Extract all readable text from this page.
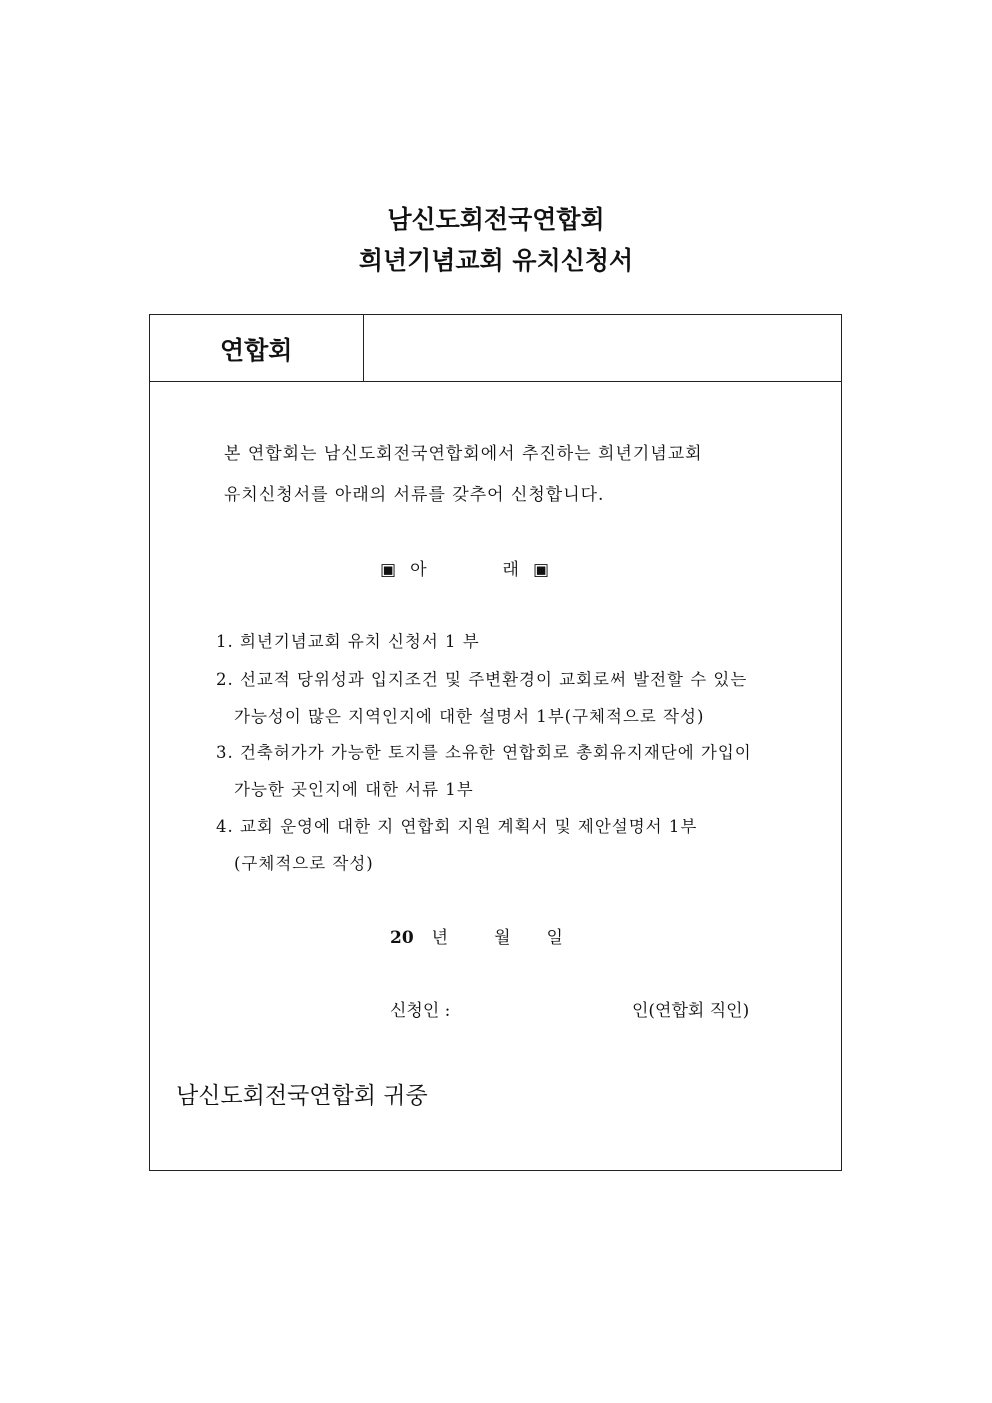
남신도회전국연합회
희년기념교회 유치신청서
연합회
본 연합회는 남신도회전국연합회에서 추진하는 희년기념교회
유치신청서를 아래의 서류를 갖추어 신청합니다.
▣ 아	래 ▣
1. 희년기념교회 유치 신청서 1 부
2. 선교적 당위성과 입지조건 및 주변환경이 교회로써 발전할 수 있는
가능성이 많은 지역인지에 대한 설명서 1부(구체적으로 작성)
3. 건축허가가 가능한 토지를 소유한 연합회로 총회유지재단에 가입이
가능한 곳인지에 대한 서류 1부
4. 교회 운영에 대한 지 연합회 지원 계획서 및 제안설명서 1부
(구체적으로 작성)
20 년	월 일
신청인 :	인(연합회 직인)
남신도회전국연합회 귀중
